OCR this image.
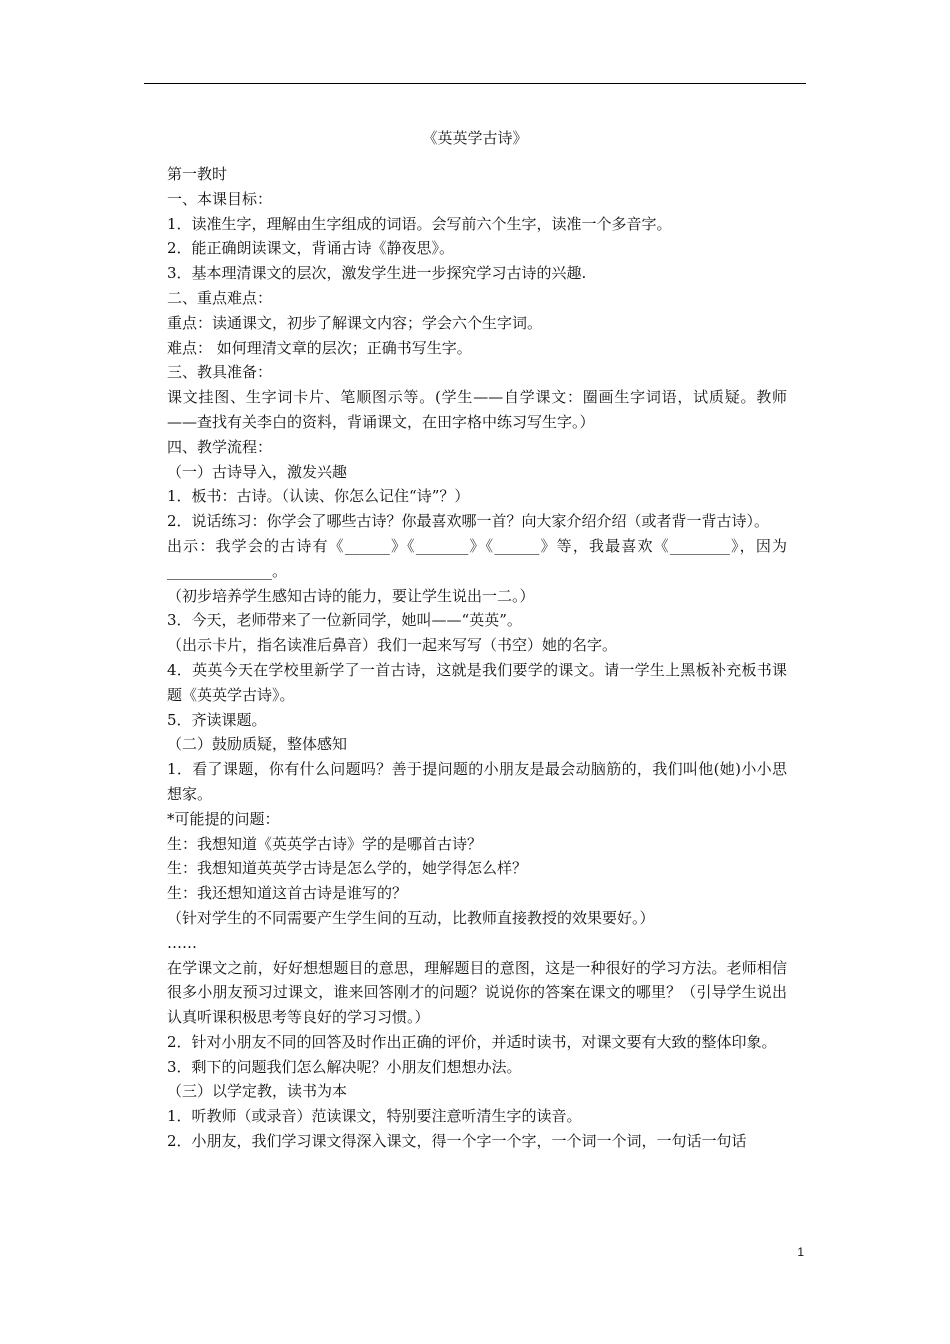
《英英学古诗》

第一教时

一、本课目标：

1．读准生字，理解由生字组成的词语。会写前六个生字，读准一个多音字。

2．能正确朗读课文，背诵古诗《静夜思》。

3．基本理清课文的层次，激发学生进一步探究学习古诗的兴趣.

二、重点难点：

重点：读通课文，初步了解课文内容；学会六个生字词。

难点： 如何理清文章的层次；正确书写生字。

三、教具准备：

课文挂图、生字词卡片、笔顺图示等。(学生——自学课文：圈画生字词语，试质疑。教师——查找有关李白的资料，背诵课文，在田字格中练习写生字。）

四、教学流程：

（一）古诗导入，激发兴趣

1．板书：古诗。（认读、你怎么记住“诗”？）

2．说话练习：你学会了哪些古诗？你最喜欢哪一首？向大家介绍介绍（或者背一背古诗）。

出示：我学会的古诗有《______》《_______》《______》等，我最喜欢《________》，因为______________。

（初步培养学生感知古诗的能力，要让学生说出一二。）

3．今天，老师带来了一位新同学，她叫——“英英”。

（出示卡片，指名读准后鼻音）我们一起来写写（书空）她的名字。

4．英英今天在学校里新学了一首古诗，这就是我们要学的课文。请一学生上黑板补充板书课题《英英学古诗》。

5．齐读课题。

（二）鼓励质疑，整体感知

1．看了课题，你有什么问题吗？善于提问题的小朋友是最会动脑筋的，我们叫他(她)小小思想家。

*可能提的问题：

生：我想知道《英英学古诗》学的是哪首古诗？

生：我想知道英英学古诗是怎么学的，她学得怎么样？

生：我还想知道这首古诗是谁写的？

（针对学生的不同需要产生学生间的互动，比教师直接教授的效果要好。）

……

在学课文之前，好好想想题目的意思，理解题目的意图，这是一种很好的学习方法。老师相信很多小朋友预习过课文，谁来回答刚才的问题？说说你的答案在课文的哪里？（引导学生说出认真听课积极思考等良好的学习习惯。）

2．针对小朋友不同的回答及时作出正确的评价，并适时读书，对课文要有大致的整体印象。

3．剩下的问题我们怎么解决呢？小朋友们想想办法。

（三）以学定教，读书为本

1．听教师（或录音）范读课文，特别要注意听清生字的读音。

2．小朋友，我们学习课文得深入课文，得一个字一个字，一个词一个词，一句话一句话

1
